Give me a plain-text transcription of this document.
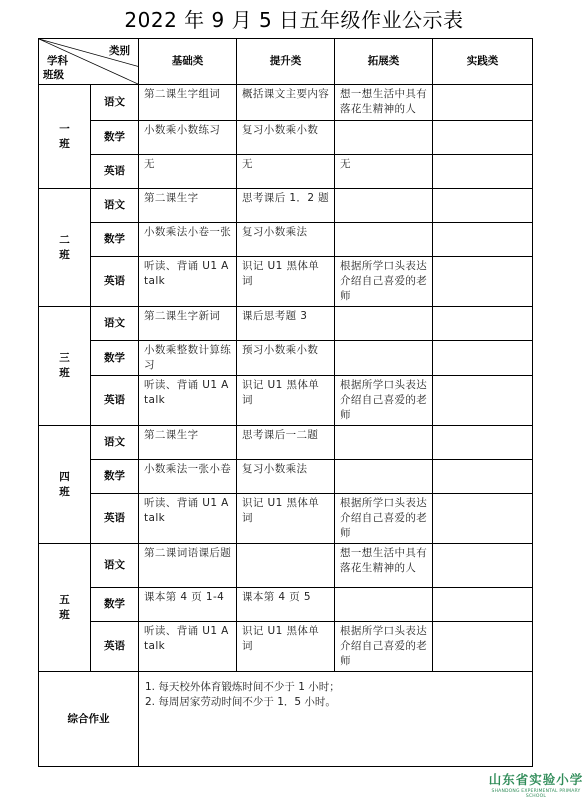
2022 年 9 月 5 日五年级作业公示表
类别
学科
班级		基础类	提升类	拓展类	实践类
一
班	语文	第二课生字组词	概括课文主要内容	想一想生活中具有落花生精神的人	
	数学	小数乘小数练习	复习小数乘小数		
	英语	无	无	无	
二
班	语文	第二课生字	思考课后 1．2 题		
	数学	小数乘法小卷一张	复习小数乘法		
	英语	听读、背诵 U1 A talk	识记 U1 黑体单词	根据所学口头表达介绍自己喜爱的老师	
三
班	语文	第二课生字新词	课后思考题 3		
	数学	小数乘整数计算练习	预习小数乘小数		
	英语	听读、背诵 U1 A talk	识记 U1 黑体单词	根据所学口头表达介绍自己喜爱的老师	
四
班	语文	第二课生字	思考课后一二题		
	数学	小数乘法一张小卷	复习小数乘法		
	英语	听读、背诵 U1 A talk	识记 U1 黑体单词	根据所学口头表达介绍自己喜爱的老师	
五
班	语文	第二课词语课后题		想一想生活中具有落花生精神的人	
	数学	课本第 4 页 1-4	课本第 4 页 5		
	英语	听读、背诵 U1 A talk	识记 U1 黑体单词	根据所学口头表达介绍自己喜爱的老师	
综合作业		1. 每天校外体育锻炼时间不少于 1 小时；
2. 每周居家劳动时间不少于 1．5 小时。			
山东省实验小学
SHANDONG EXPERIMENTAL PRIMARY SCHOOL
